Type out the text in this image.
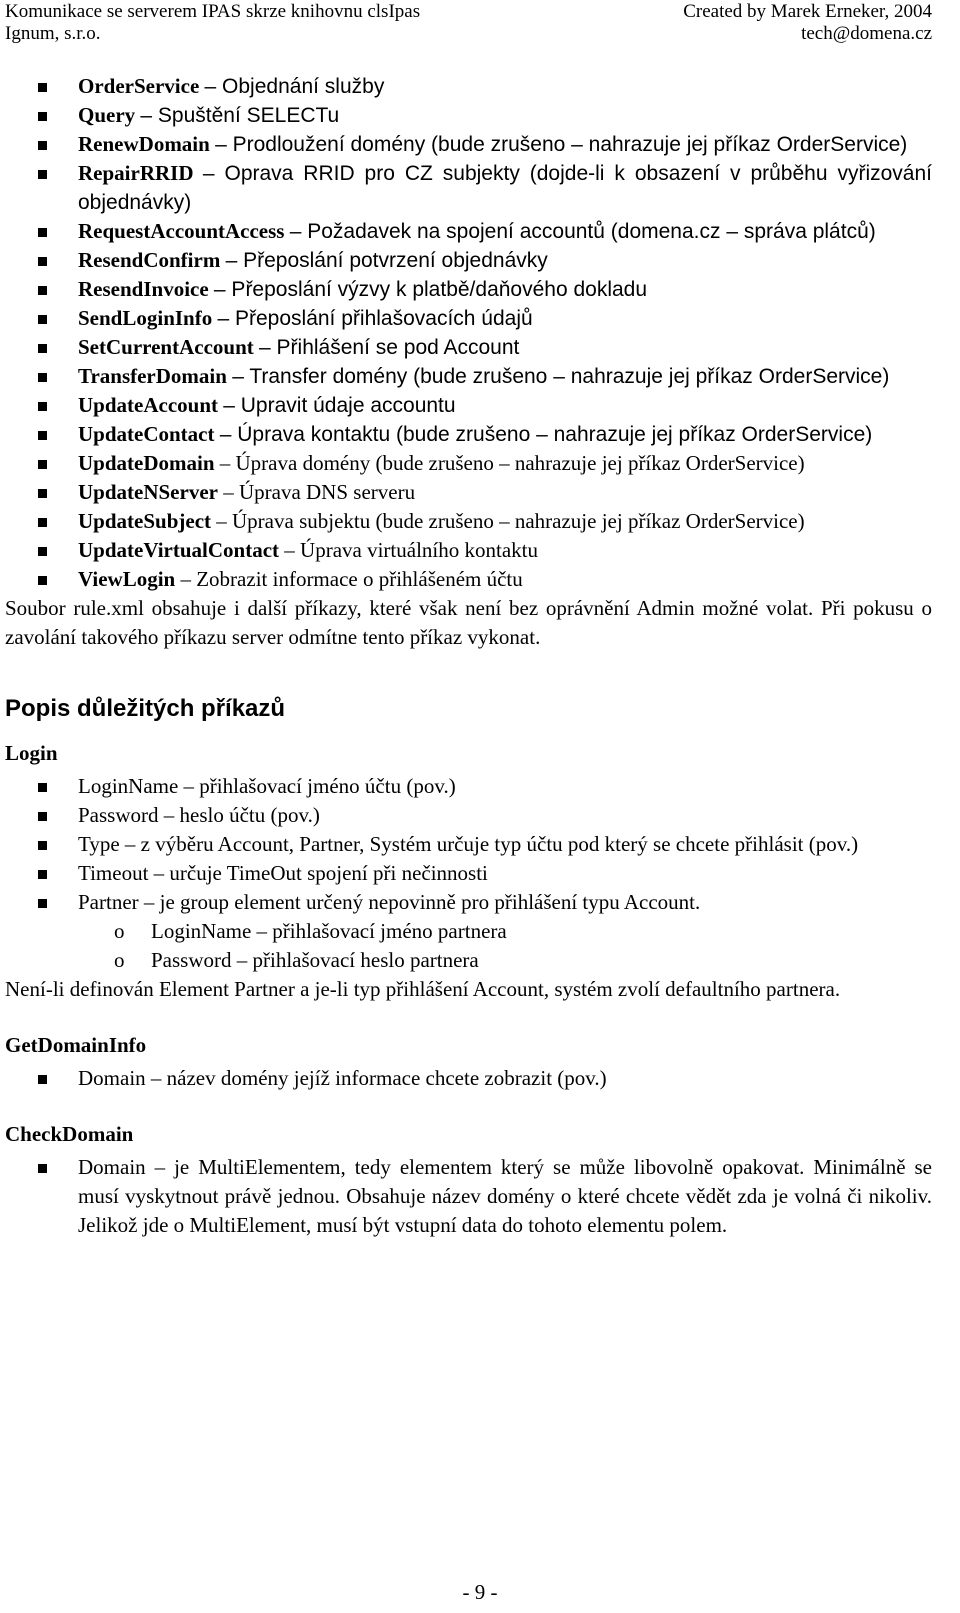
Komunikace se serverem IPAS skrze knihovnu clsIpas	Created by Marek Erneker, 2004
Ignum, s.r.o.	tech@domena.cz
OrderService – Objednání služby
Query – Spuštění SELECTu
RenewDomain – Prodloužení domény (bude zrušeno – nahrazuje jej příkaz OrderService)
RepairRRID – Oprava RRID pro CZ subjekty (dojde-li k obsazení v průběhu vyřizování objednávky)
RequestAccountAccess – Požadavek na spojení accountů (domena.cz – správa plátců)
ResendConfirm – Přeposlání potvrzení objednávky
ResendInvoice – Přeposlání výzvy k platbě/daňového dokladu
SendLoginInfo – Přeposlání přihlašovacích údajů
SetCurrentAccount – Přihlášení se pod Account
TransferDomain – Transfer domény (bude zrušeno – nahrazuje jej příkaz OrderService)
UpdateAccount – Upravit údaje accountu
UpdateContact – Úprava kontaktu (bude zrušeno – nahrazuje jej příkaz OrderService)
UpdateDomain – Úprava domény (bude zrušeno – nahrazuje jej příkaz OrderService)
UpdateNServer – Úprava DNS serveru
UpdateSubject – Úprava subjektu (bude zrušeno – nahrazuje jej příkaz OrderService)
UpdateVirtualContact – Úprava virtuálního kontaktu
ViewLogin – Zobrazit informace o přihlášeném účtu

Soubor rule.xml obsahuje i další příkazy, které však není bez oprávnění Admin možné volat. Při pokusu o zavolání takového příkazu server odmítne tento příkaz vykonat.

Popis důležitých příkazů
Login
LoginName – přihlašovací jméno účtu (pov.)
Password – heslo účtu (pov.)
Type – z výběru Account, Partner, Systém určuje typ účtu pod který se chcete přihlásit (pov.)
Timeout – určuje TimeOut spojení při nečinnosti
Partner – je group element určený nepovinně pro přihlášení typu Account.
o LoginName – přihlašovací jméno partnera
o Password – přihlašovací heslo partnera

Není-li definován Element Partner a je-li typ přihlášení Account, systém zvolí defaultního partnera.

GetDomainInfo
Domain – název domény jejíž informace chcete zobrazit (pov.)
CheckDomain
Domain – je MultiElementem, tedy elementem který se může libovolně opakovat. Minimálně se musí vyskytnout právě jednou. Obsahuje název domény o které chcete vědět zda je volná či nikoliv. Jelikož jde o MultiElement, musí být vstupní data do tohoto elementu polem.
- 9 -
